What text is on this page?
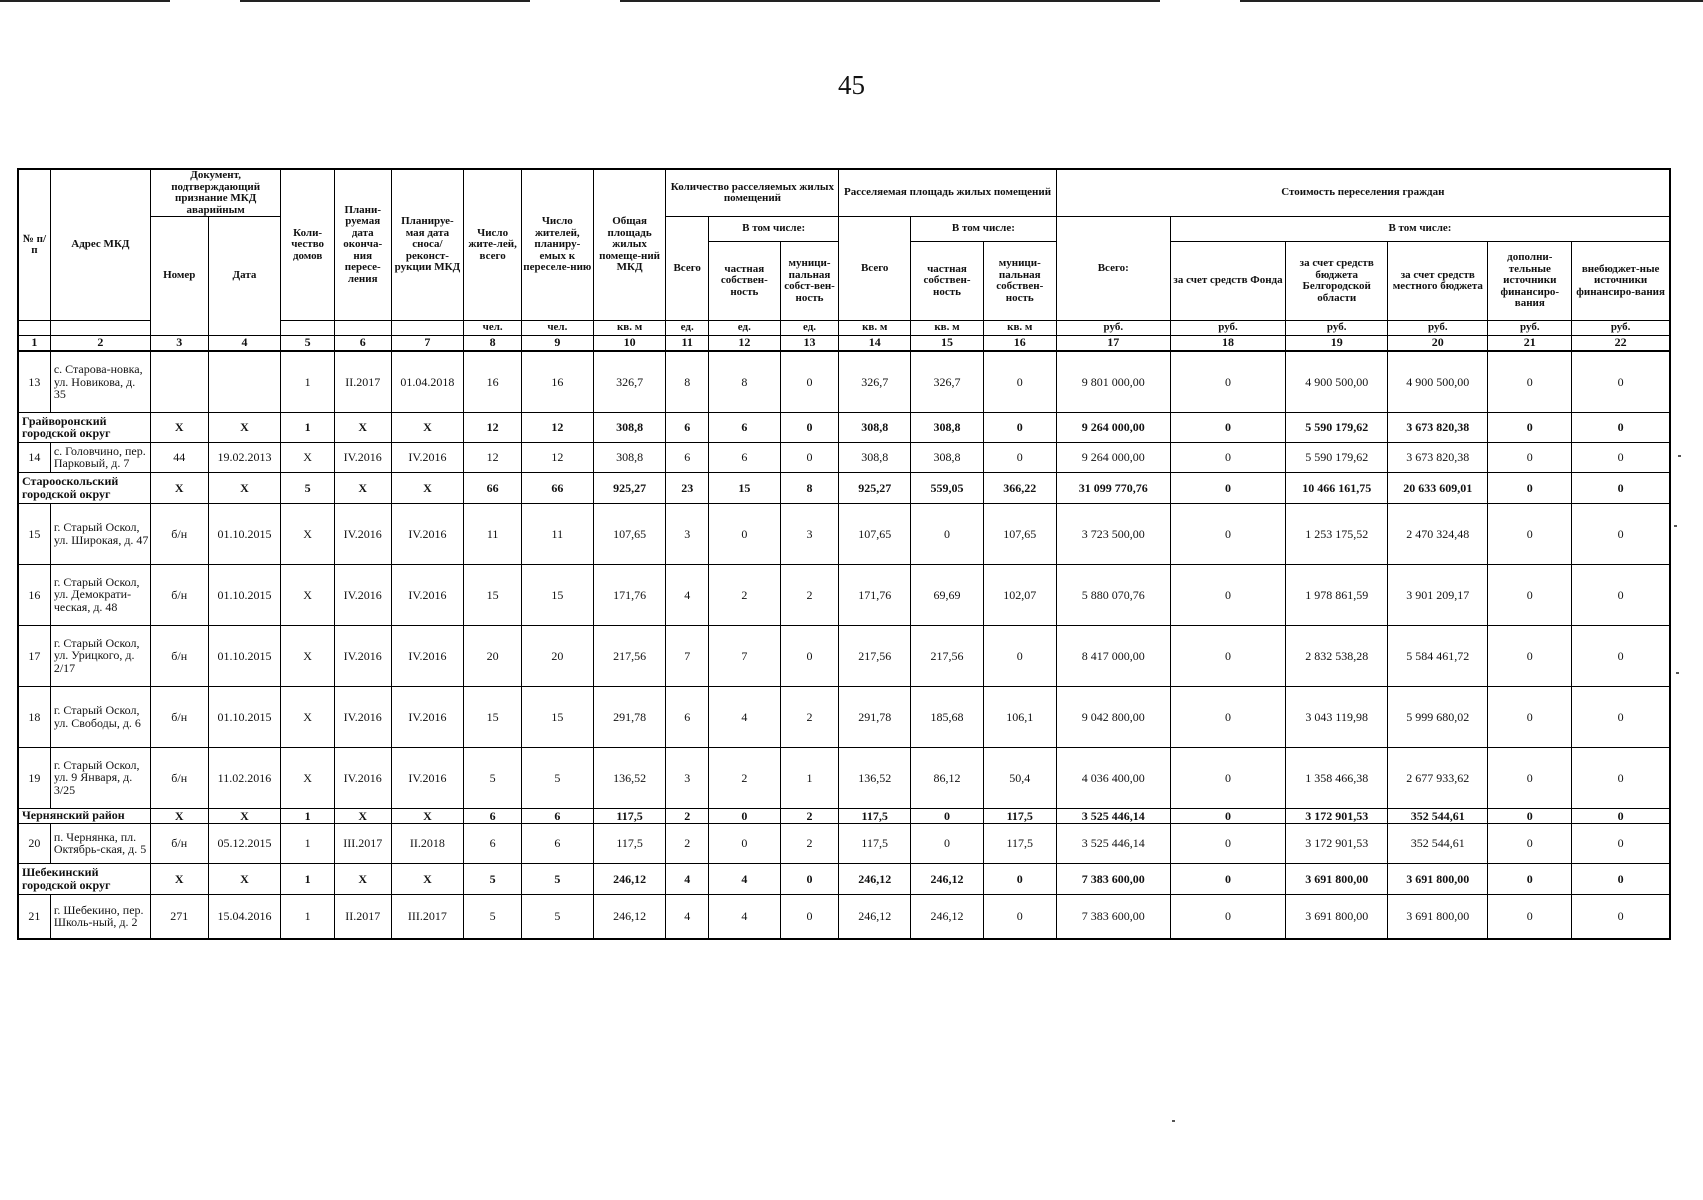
45
№ п/п	Адрес МКД	Документ, подтверждающий признание МКД аварийным		Коли-чество домов	Плани-руемая дата оконча-ния пересе-ления	Планируе-мая дата сноса/ реконст-рукции МКД	Число жите-лей, всего	Число жителей, планиру-емых к переселе-нию	Общая площадь жилых помеще-ний МКД	Количество расселяемых жилых помещений			Расселяемая площадь жилых помещений			Стоимость переселения граждан					
		Номер	Дата							Всего	В том числе:		Всего	В том числе:		Всего:	В том числе:				
											частная собствен-ность	муници-пальная собст-вен-ность		частная собствен-ность	муници-пальная собствен-ность		за счет средств Фонда	за счет средств бюджета Белгородской области	за счет средств местного бюджета	дополни-тельные источники финансиро-вания	внебюджет-ные источники финансиро-вания
							чел.	чел.	кв. м	ед.	ед.	ед.	кв. м	кв. м	кв. м	руб.	руб.	руб.	руб.	руб.	руб.
1	2	3	4	5	6	7	8	9	10	11	12	13	14	15	16	17	18	19	20	21	22
13	с. Старова-новка, ул. Новикова, д. 35			1	II.2017	01.04.2018	16	16	326,7	8	8	0	326,7	326,7	0	9 801 000,00	0	4 900 500,00	4 900 500,00	0	0
Грайворонский городской округ		X	X	1	X	X	12	12	308,8	6	6	0	308,8	308,8	0	9 264 000,00	0	5 590 179,62	3 673 820,38	0	0
14	с. Головчино, пер. Парковый, д. 7	44	19.02.2013	X	IV.2016	IV.2016	12	12	308,8	6	6	0	308,8	308,8	0	9 264 000,00	0	5 590 179,62	3 673 820,38	0	0
Старооскольский городской округ		X	X	5	X	X	66	66	925,27	23	15	8	925,27	559,05	366,22	31 099 770,76	0	10 466 161,75	20 633 609,01	0	0
15	г. Старый Оскол, ул. Широкая, д. 47	б/н	01.10.2015	X	IV.2016	IV.2016	11	11	107,65	3	0	3	107,65	0	107,65	3 723 500,00	0	1 253 175,52	2 470 324,48	0	0
16	г. Старый Оскол, ул. Демократи-ческая, д. 48	б/н	01.10.2015	X	IV.2016	IV.2016	15	15	171,76	4	2	2	171,76	69,69	102,07	5 880 070,76	0	1 978 861,59	3 901 209,17	0	0
17	г. Старый Оскол, ул. Урицкого, д. 2/17	б/н	01.10.2015	X	IV.2016	IV.2016	20	20	217,56	7	7	0	217,56	217,56	0	8 417 000,00	0	2 832 538,28	5 584 461,72	0	0
18	г. Старый Оскол, ул. Свободы, д. 6	б/н	01.10.2015	X	IV.2016	IV.2016	15	15	291,78	6	4	2	291,78	185,68	106,1	9 042 800,00	0	3 043 119,98	5 999 680,02	0	0
19	г. Старый Оскол, ул. 9 Января, д. 3/25	б/н	11.02.2016	X	IV.2016	IV.2016	5	5	136,52	3	2	1	136,52	86,12	50,4	4 036 400,00	0	1 358 466,38	2 677 933,62	0	0
Чернянский район		X	X	1	X	X	6	6	117,5	2	0	2	117,5	0	117,5	3 525 446,14	0	3 172 901,53	352 544,61	0	0
20	п. Чернянка, пл. Октябрь-ская, д. 5	б/н	05.12.2015	1	III.2017	II.2018	6	6	117,5	2	0	2	117,5	0	117,5	3 525 446,14	0	3 172 901,53	352 544,61	0	0
Шебекинский городской округ		X	X	1	X	X	5	5	246,12	4	4	0	246,12	246,12	0	7 383 600,00	0	3 691 800,00	3 691 800,00	0	0
21	г. Шебекино, пер. Школь-ный, д. 2	271	15.04.2016	1	II.2017	III.2017	5	5	246,12	4	4	0	246,12	246,12	0	7 383 600,00	0	3 691 800,00	3 691 800,00	0	0
